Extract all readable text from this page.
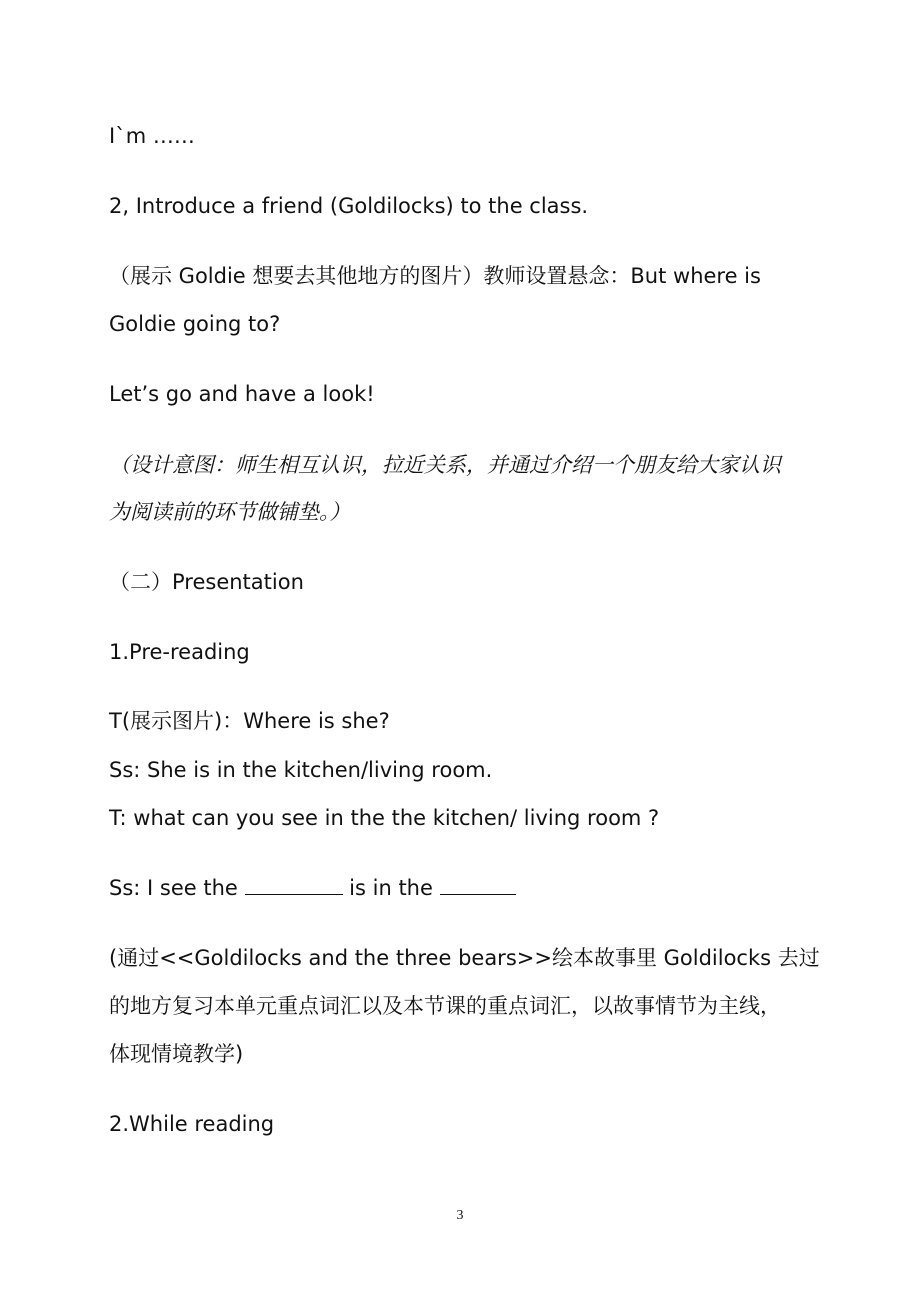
I`m ……
2, Introduce a friend (Goldilocks) to the class.
（展示 Goldie 想要去其他地方的图片）教师设置悬念：But where is
Goldie going to?
Let’s go and have a look!
（设计意图：师生相互认识，拉近关系，并通过介绍一个朋友给大家认识
为阅读前的环节做铺垫。）
（二）Presentation
1.Pre-reading
T(展示图片)：Where is she?
Ss: She is in the kitchen/living room.
T: what can you see in the the kitchen/ living room ?
Ss: I see the	is in the
(通过<<Goldilocks and the three bears>>绘本故事里 Goldilocks 去过
的地方复习本单元重点词汇以及本节课的重点词汇，以故事情节为主线，
体现情境教学)
2.While reading
3
